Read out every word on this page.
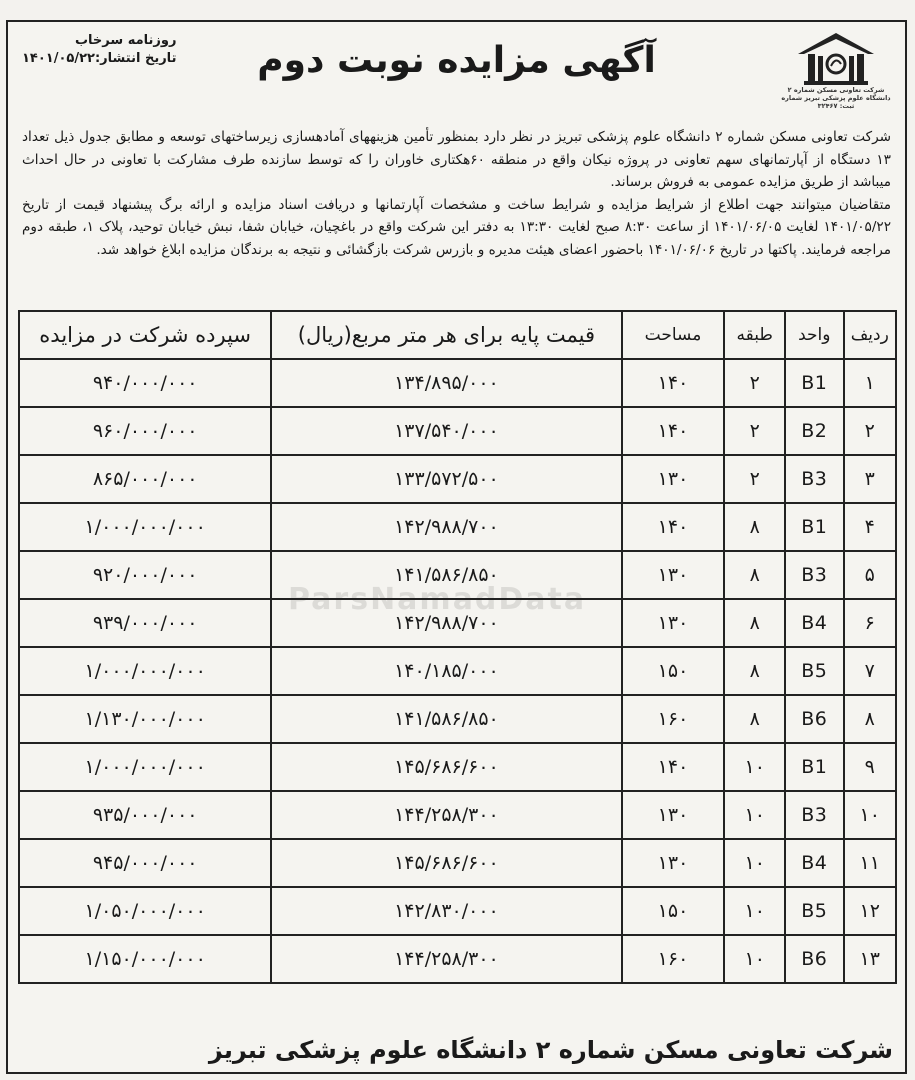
روزنامه سرخاب
تاریخ انتشار:۱۴۰۱/۰۵/۲۲	آگهی مزایده نوبت دوم
شرکت تعاونی مسکن شماره ۲ دانشگاه علوم پزشکی تبریز شماره ثبت: ۳۲۴۶۷

شرکت تعاونی مسکن شماره ۲ دانشگاه علوم پزشکی تبریز در نظر دارد بمنظور تأمین هزینههای آمادهسازی زیرساختهای توسعه و مطابق جدول ذیل تعداد ۱۳ دستگاه از آپارتمانهای سهم تعاونی در پروژه نیکان واقع در منطقه ۶۰هکتاری خاوران را که توسط سازنده طرف مشارکت با تعاونی در حال احداث میباشد از طریق مزایده عمومی به فروش برساند.

متقاضیان میتوانند جهت اطلاع از شرایط مزایده و شرایط ساخت و مشخصات آپارتمانها و دریافت اسناد مزایده و ارائه برگ پیشنهاد قیمت از تاریخ ۱۴۰۱/۰۵/۲۲ لغایت ۱۴۰۱/۰۶/۰۵ از ساعت ۸:۳۰ صبح لغایت ۱۳:۳۰ به دفتر این شرکت واقع در باغچیان، خیابان شفا، نبش خیابان توحید، پلاک ۱، طبقه دوم مراجعه فرمایند. پاکتها در تاریخ ۱۴۰۱/۰۶/۰۶ باحضور اعضای هیئت مدیره و بازرس شرکت بازگشائی و نتیجه به برندگان مزایده ابلاغ خواهد شد.

ParsNamadData
ردیف	واحد	طبقه	مساحت	قیمت پایه برای هر متر مربع(ریال)	سپرده شرکت در مزایده
۱	B1	۲	۱۴۰	۱۳۴/۸۹۵/۰۰۰	۹۴۰/۰۰۰/۰۰۰
۲	B2	۲	۱۴۰	۱۳۷/۵۴۰/۰۰۰	۹۶۰/۰۰۰/۰۰۰
۳	B3	۲	۱۳۰	۱۳۳/۵۷۲/۵۰۰	۸۶۵/۰۰۰/۰۰۰
۴	B1	۸	۱۴۰	۱۴۲/۹۸۸/۷۰۰	۱/۰۰۰/۰۰۰/۰۰۰
۵	B3	۸	۱۳۰	۱۴۱/۵۸۶/۸۵۰	۹۲۰/۰۰۰/۰۰۰
۶	B4	۸	۱۳۰	۱۴۲/۹۸۸/۷۰۰	۹۳۹/۰۰۰/۰۰۰
۷	B5	۸	۱۵۰	۱۴۰/۱۸۵/۰۰۰	۱/۰۰۰/۰۰۰/۰۰۰
۸	B6	۸	۱۶۰	۱۴۱/۵۸۶/۸۵۰	۱/۱۳۰/۰۰۰/۰۰۰
۹	B1	۱۰	۱۴۰	۱۴۵/۶۸۶/۶۰۰	۱/۰۰۰/۰۰۰/۰۰۰
۱۰	B3	۱۰	۱۳۰	۱۴۴/۲۵۸/۳۰۰	۹۳۵/۰۰۰/۰۰۰
۱۱	B4	۱۰	۱۳۰	۱۴۵/۶۸۶/۶۰۰	۹۴۵/۰۰۰/۰۰۰
۱۲	B5	۱۰	۱۵۰	۱۴۲/۸۳۰/۰۰۰	۱/۰۵۰/۰۰۰/۰۰۰
۱۳	B6	۱۰	۱۶۰	۱۴۴/۲۵۸/۳۰۰	۱/۱۵۰/۰۰۰/۰۰۰
شرکت تعاونی مسکن شماره ۲ دانشگاه علوم پزشکی تبریز
